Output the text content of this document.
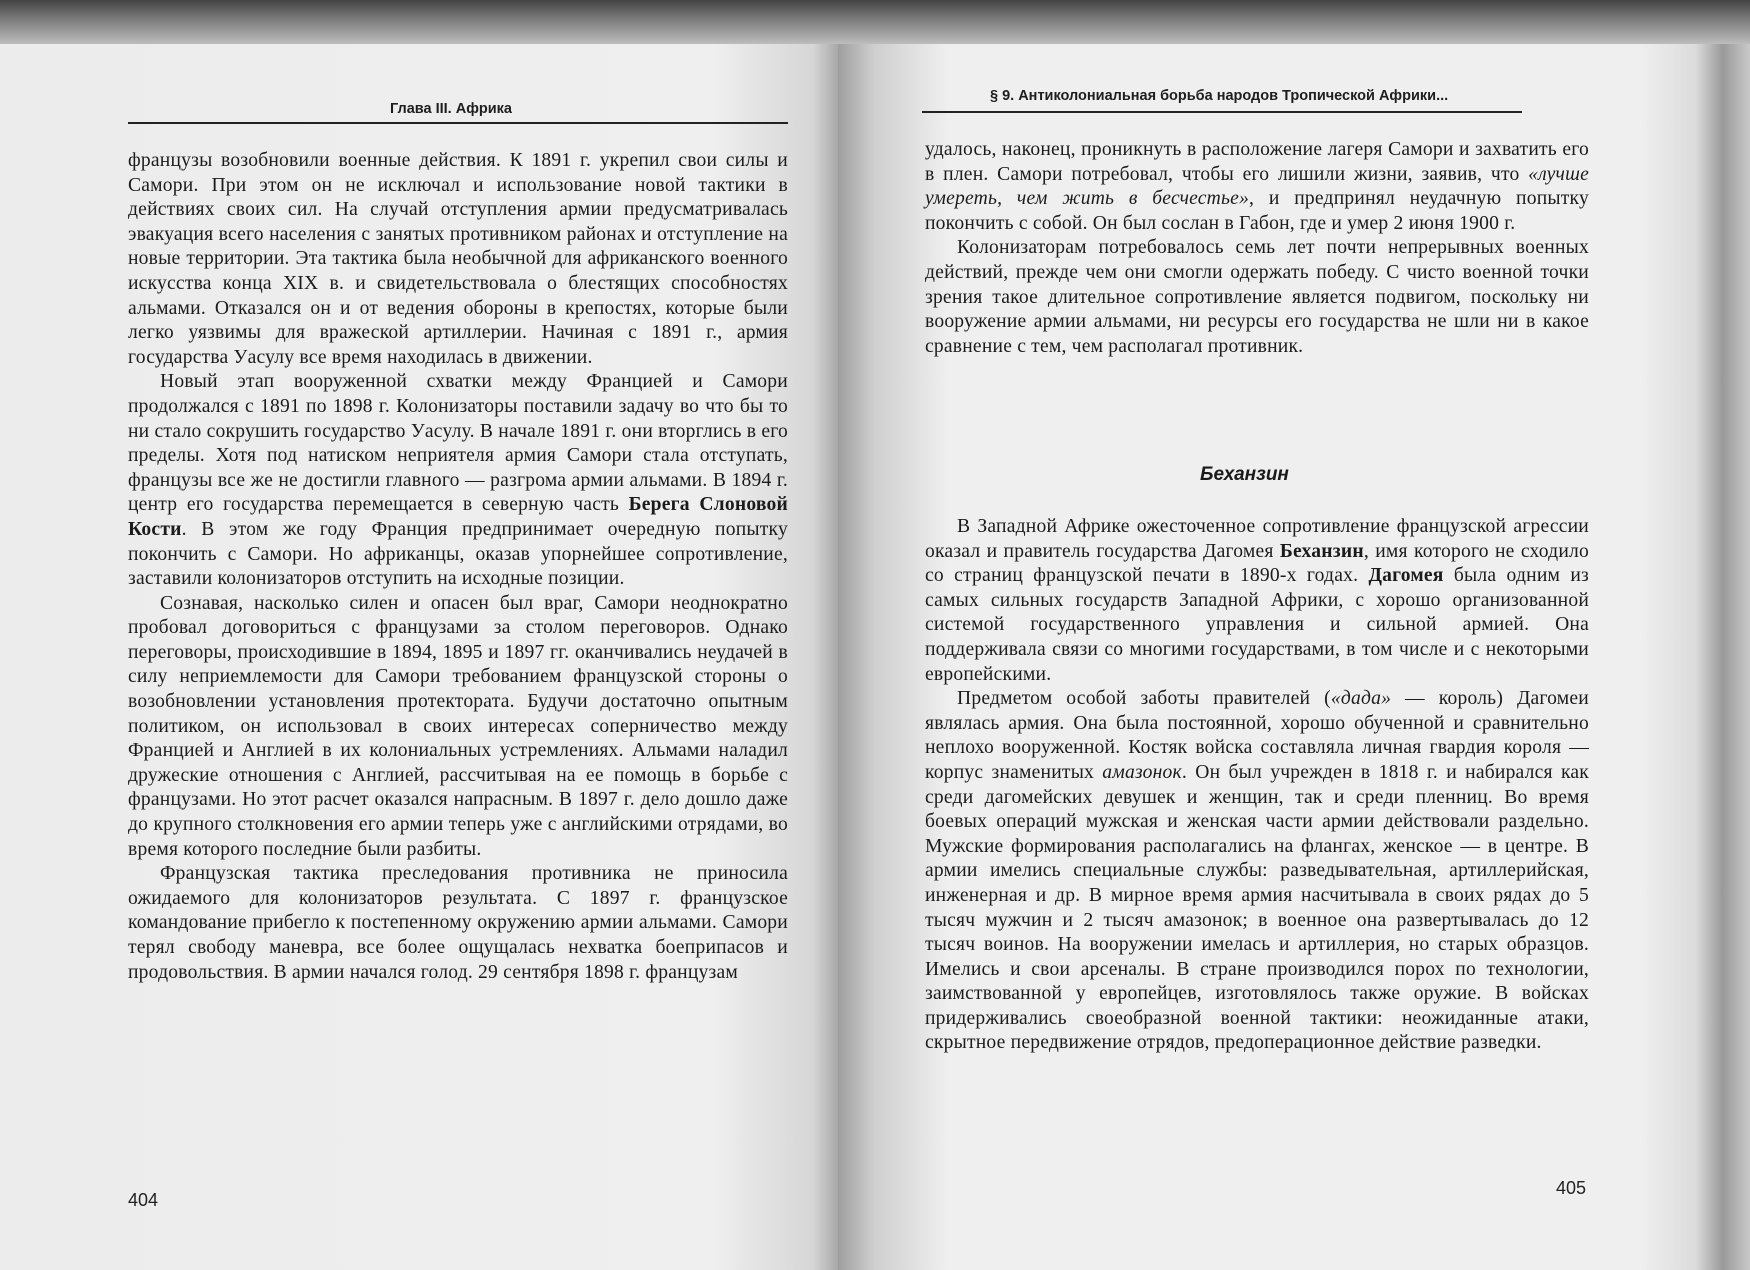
Глава III. Африка

французы возобновили военные действия. К 1891 г. укрепил свои силы и Самори. При этом он не исключал и использование новой тактики в действиях своих сил. На случай отступления армии предусматривалась эвакуация всего населения с занятых противником районах и отступление на новые территории. Эта тактика была необычной для африканского военного искусства конца XIX в. и свидетельствовала о блестящих способностях альмами. Отказался он и от ведения обороны в крепостях, которые были легко уязвимы для вражеской артиллерии. Начиная с 1891 г., армия государства Уасулу все время находилась в движении.

Новый этап вооруженной схватки между Францией и Самори продолжался с 1891 по 1898 г. Колонизаторы поставили задачу во что бы то ни стало сокрушить государство Уасулу. В начале 1891 г. они вторглись в его пределы. Хотя под натиском неприятеля армия Самори стала отступать, французы все же не достигли главного — разгрома армии альмами. В 1894 г. центр его государства перемещается в северную часть Берега Слоновой Кости. В этом же году Франция предпринимает очередную попытку покончить с Самори. Но африканцы, оказав упорнейшее сопротивление, заставили колонизаторов отступить на исходные позиции.

Сознавая, насколько силен и опасен был враг, Самори неоднократно пробовал договориться с французами за столом переговоров. Однако переговоры, происходившие в 1894, 1895 и 1897 гг. оканчивались неудачей в силу неприемлемости для Самори требованием французской стороны о возобновлении установления протектората. Будучи достаточно опытным политиком, он использовал в своих интересах соперничество между Францией и Англией в их колониальных устремлениях. Альмами наладил дружеские отношения с Англией, рассчитывая на ее помощь в борьбе с французами. Но этот расчет оказался напрасным. В 1897 г. дело дошло даже до крупного столкновения его армии теперь уже с английскими отрядами, во время которого последние были разбиты.

Французская тактика преследования противника не приносила ожидаемого для колонизаторов результата. С 1897 г. французское командование прибегло к постепенному окружению армии альмами. Самори терял свободу маневра, все более ощущалась нехватка боеприпасов и продовольствия. В армии начался голод. 29 сентября 1898 г. французам

404
§ 9. Антиколониальная борьба народов Тропической Африки...

удалось, наконец, проникнуть в расположение лагеря Самори и захватить его в плен. Самори потребовал, чтобы его лишили жизни, заявив, что «лучше умереть, чем жить в бесчестье», и предпринял неудачную попытку покончить с собой. Он был сослан в Габон, где и умер 2 июня 1900 г.

Колонизаторам потребовалось семь лет почти непрерывных военных действий, прежде чем они смогли одержать победу. С чисто военной точки зрения такое длительное сопротивление является подвигом, поскольку ни вооружение армии альмами, ни ресурсы его государства не шли ни в какое сравнение с тем, чем располагал противник.

Беханзин

В Западной Африке ожесточенное сопротивление французской агрессии оказал и правитель государства Дагомея Беханзин, имя которого не сходило со страниц французской печати в 1890-х годах. Дагомея была одним из самых сильных государств Западной Африки, с хорошо организованной системой государственного управления и сильной армией. Она поддерживала связи со многими государствами, в том числе и с некоторыми европейскими.

Предметом особой заботы правителей («дада» — король) Дагомеи являлась армия. Она была постоянной, хорошо обученной и сравнительно неплохо вооруженной. Костяк войска составляла личная гвардия короля — корпус знаменитых амазонок. Он был учрежден в 1818 г. и набирался как среди дагомейских девушек и женщин, так и среди пленниц. Во время боевых операций мужская и женская части армии действовали раздельно. Мужские формирования располагались на флангах, женское — в центре. В армии имелись специальные службы: разведывательная, артиллерийская, инженерная и др. В мирное время армия насчитывала в своих рядах до 5 тысяч мужчин и 2 тысяч амазонок; в военное она развертывалась до 12 тысяч воинов. На вооружении имелась и артиллерия, но старых образцов. Имелись и свои арсеналы. В стране производился порох по технологии, заимствованной у европейцев, изготовлялось также оружие. В войсках придерживались своеобразной военной тактики: неожиданные атаки, скрытное передвижение отрядов, предоперационное действие разведки.

405
